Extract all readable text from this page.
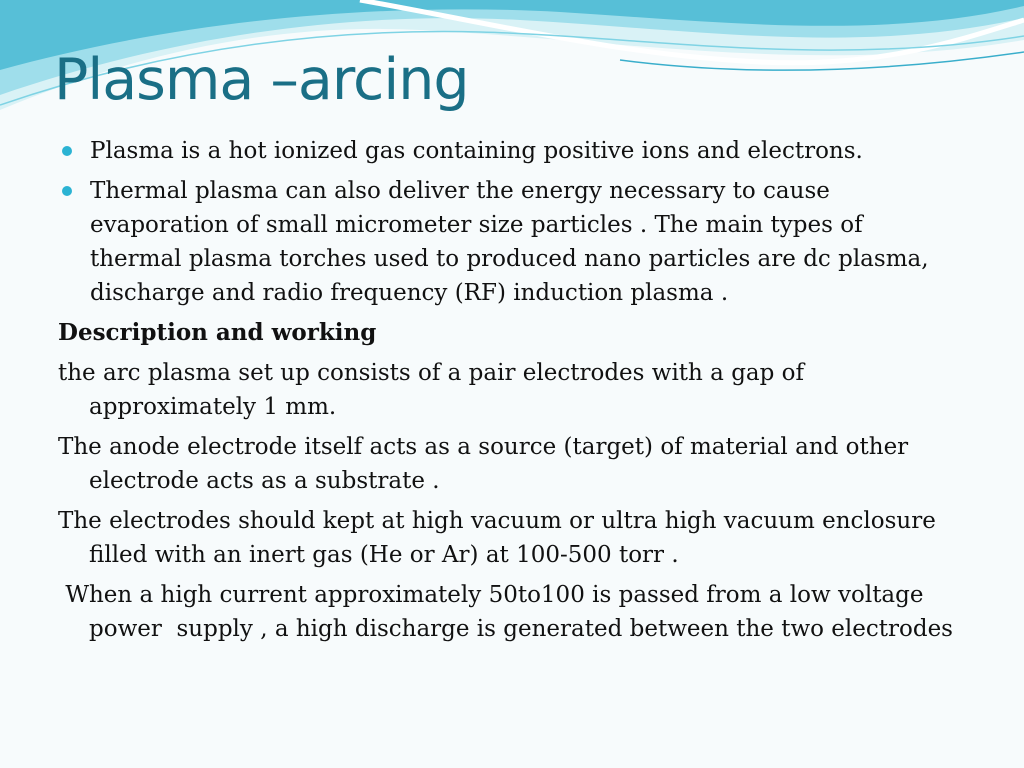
Plasma –arcing
Plasma is a hot ionized gas containing positive ions and electrons.
Thermal plasma can also deliver the energy necessary to cause evaporation of small micrometer size particles . The main types of thermal plasma torches used to produced nano particles are dc plasma, discharge and radio frequency (RF) induction plasma .

Description and working

the arc plasma set up consists of a pair electrodes with a gap of approximately 1 mm.

The anode electrode itself acts as a source (target) of material and other electrode acts as a substrate .

The electrodes should kept at high vacuum or ultra high vacuum enclosure filled with an inert gas (He or Ar) at 100-500 torr .

When a high current approximately 50to100 is passed from a low voltage power  supply , a high discharge is generated between the two electrodes
